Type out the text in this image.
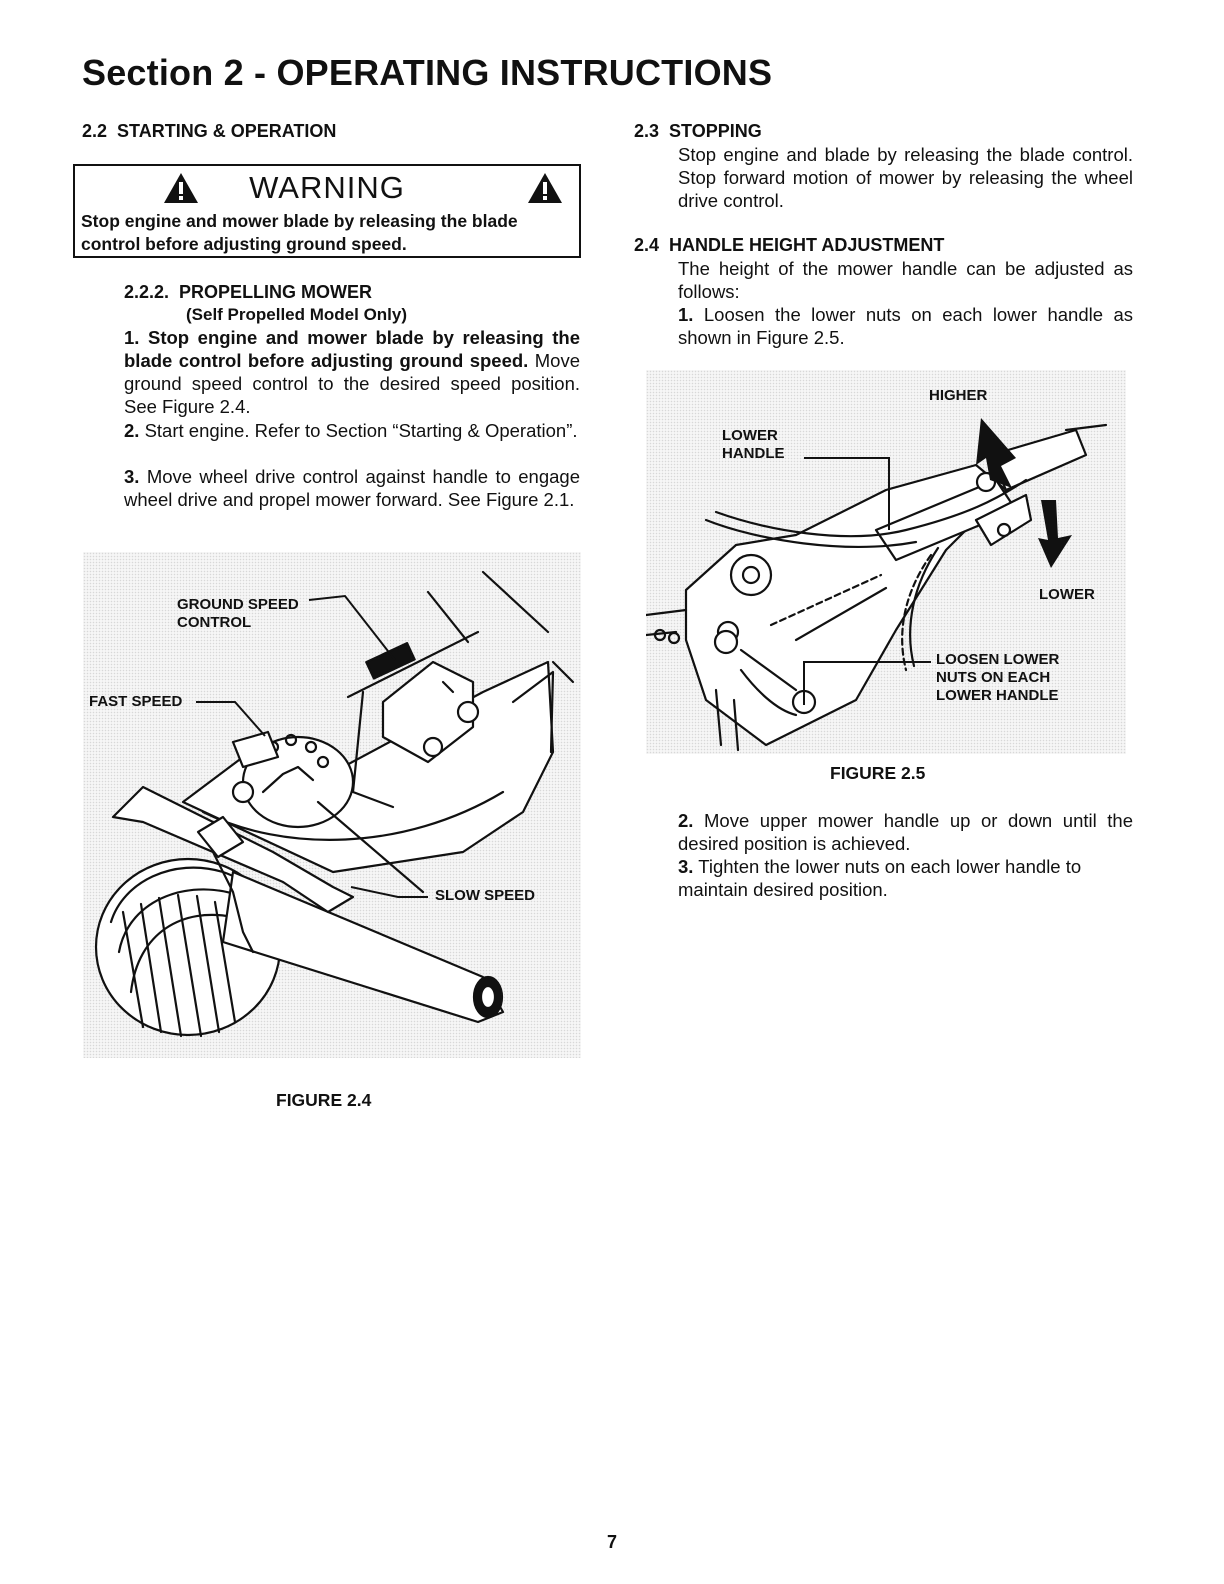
Section 2 - OPERATING INSTRUCTIONS
2.2 STARTING & OPERATION
WARNING
Stop engine and mower blade by releasing the blade control before adjusting ground speed.
2.2.2. PROPELLING MOWER
(Self Propelled Model Only)
1. Stop engine and mower blade by releasing the blade control before adjusting ground speed. Move ground speed control to the desired speed position. See Figure 2.4.
2. Start engine. Refer to Section “Starting & Operation”.
3. Move wheel drive control against handle to engage wheel drive and propel mower forward. See Figure 2.1.
GROUND SPEED
CONTROL
FAST SPEED
SLOW SPEED
FIGURE 2.4
2.3 STOPPING
Stop engine and blade by releasing the blade control. Stop forward motion of mower by releasing the wheel drive control.
2.4 HANDLE HEIGHT ADJUSTMENT
The height of the mower handle can be adjusted as follows:
1. Loosen the lower nuts on each lower handle as shown in Figure 2.5.
HIGHER
LOWER
HANDLE
LOWER
LOOSEN LOWER
NUTS ON EACH
LOWER HANDLE
FIGURE 2.5
2. Move upper mower handle up or down until the desired position is achieved.
3. Tighten the lower nuts on each lower handle to maintain desired position.
7
